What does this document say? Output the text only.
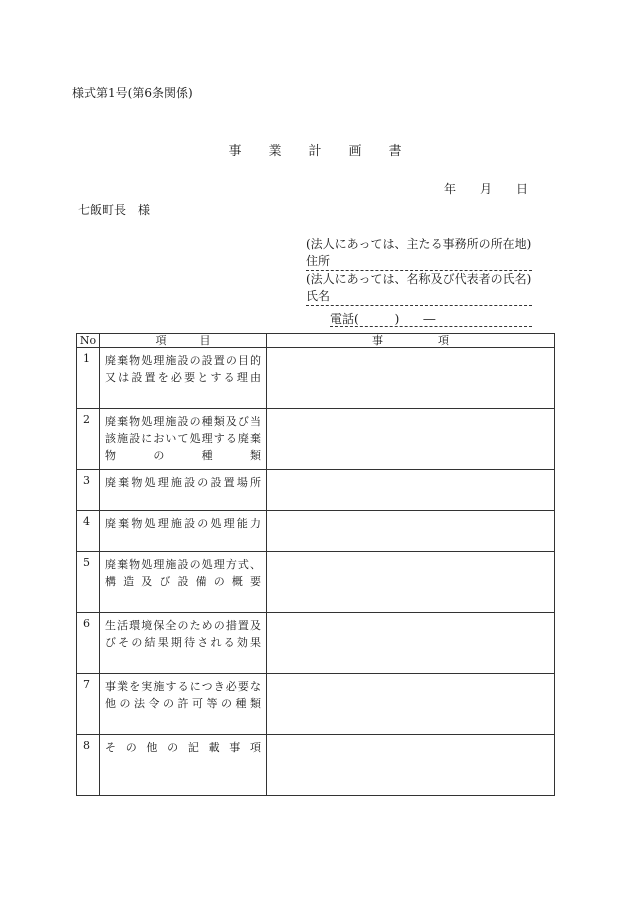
様式第1号(第6条関係)
事業計画書
年 月 日
七飯町長　様
(法人にあっては、主たる事務所の所在地)
住所
(法人にあっては、名称及び代表者の氏名)
氏名
電話(　　　)　　―
No	項　　　目	事　　　　　項
1	廃棄物処理施設の設置の目的
又は設置を必要とする理由	

2	廃棄物処理施設の種類及び当
該施設において処理する廃棄
物　　の　　種　　類	

3	廃棄物処理施設の設置場所	

4	廃棄物処理施設の処理能力	

5	廃棄物処理施設の処理方式、
構造及び設備の概要	

6	生活環境保全のための措置及
びその結果期待される効果	

7	事業を実施するにつき必要な
他の法令の許可等の種類	

8	その他の記載事項	
